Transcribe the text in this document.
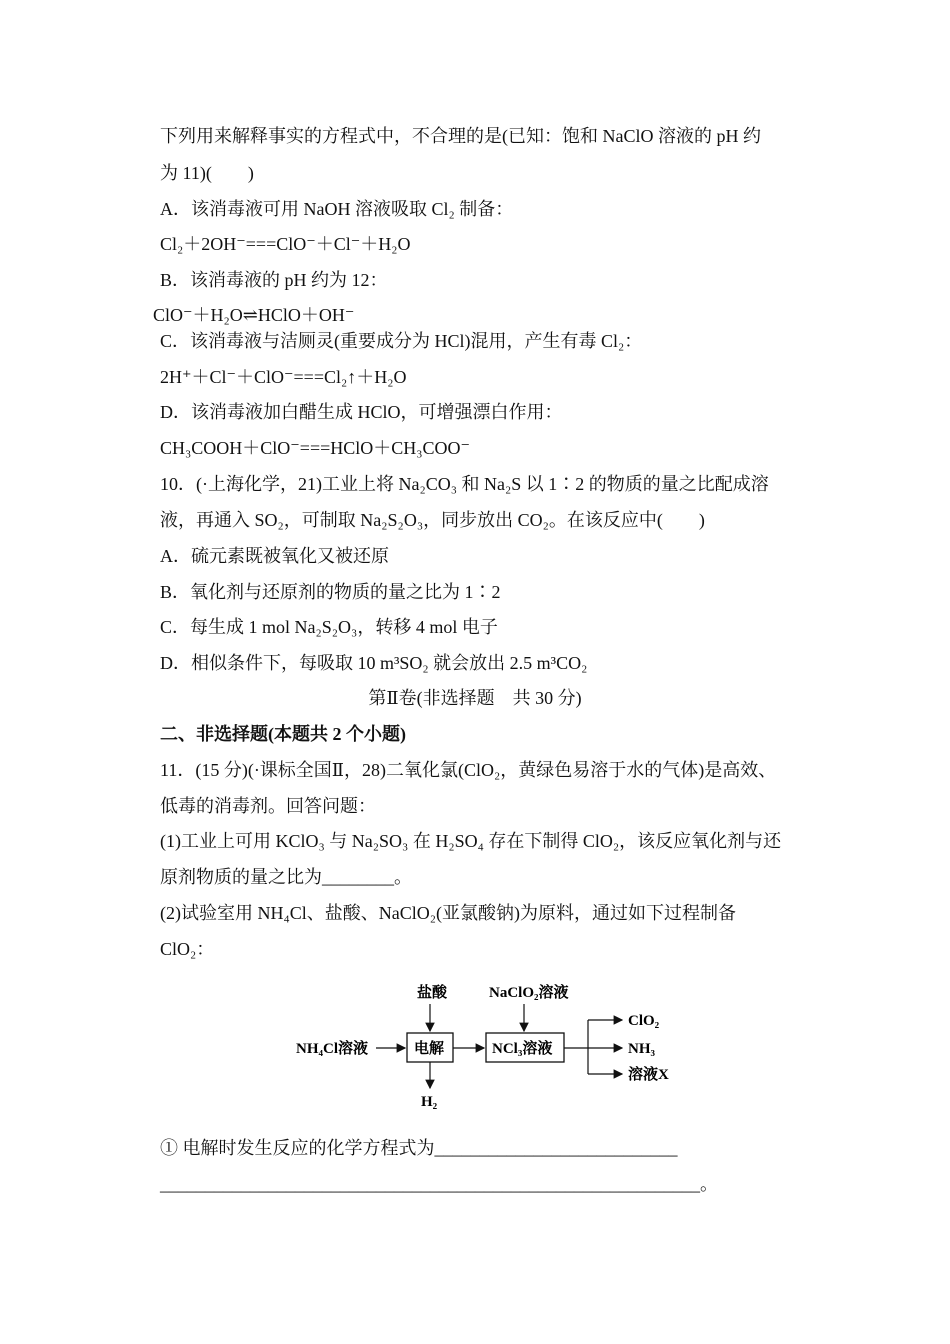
下列用来解释事实的方程式中，不合理的是(已知：饱和 NaClO 溶液的 pH 约
为 11)(　　)
A．该消毒液可用 NaOH 溶液吸取 Cl₂ 制备：
Cl₂＋2OH⁻===ClO⁻＋Cl⁻＋H₂O
B．该消毒液的 pH 约为 12：
ClO⁻＋H₂O⇌HClO＋OH⁻
C．该消毒液与洁厕灵(重要成分为 HCl)混用，产生有毒 Cl₂：
2H⁺＋Cl⁻＋ClO⁻===Cl₂↑＋H₂O
D．该消毒液加白醋生成 HClO，可增强漂白作用：
CH₃COOH＋ClO⁻===HClO＋CH₃COO⁻
10．(·上海化学，21)工业上将 Na₂CO₃ 和 Na₂S 以 1∶2 的物质的量之比配成溶
液，再通入 SO₂，可制取 Na₂S₂O₃，同步放出 CO₂。在该反应中(　　)
A．硫元素既被氧化又被还原
B．氧化剂与还原剂的物质的量之比为 1∶2
C．每生成 1 mol Na₂S₂O₃，转移 4 mol 电子
D．相似条件下，每吸取 10 m³SO₂ 就会放出 2.5 m³CO₂
第Ⅱ卷(非选择题　共 30 分)
二、非选择题(本题共 2 个小题)
11．(15 分)(·课标全国Ⅱ，28)二氧化氯(ClO₂，黄绿色易溶于水的气体)是高效、
低毒的消毒剂。回答问题：
(1)工业上可用 KClO₃ 与 Na₂SO₃ 在 H₂SO₄ 存在下制得 ClO₂，该反应氧化剂与还
原剂物质的量之比为________。
(2)试验室用 NH₄Cl、盐酸、NaClO₂(亚氯酸钠)为原料，通过如下过程制备
ClO₂：
NH₄Cl溶液
盐酸
电解
H₂
NaClO₂溶液
NCl₃溶液
ClO₂
NH₃
溶液X
① 电解时发生反应的化学方程式为___________________________
____________________________________________________________。
